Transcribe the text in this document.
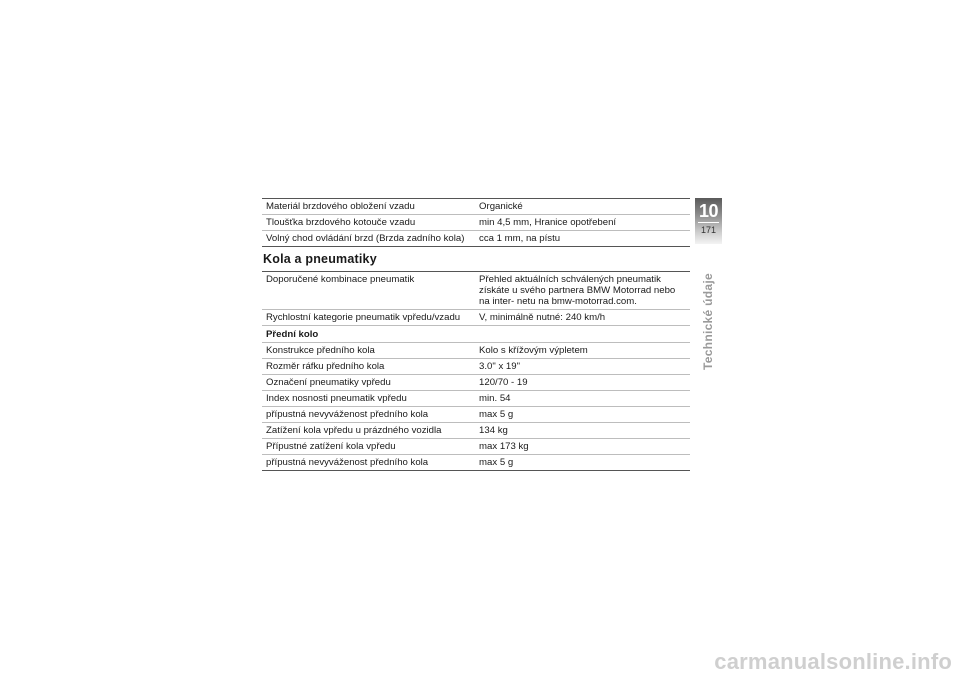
Materiál brzdového obložení vzadu	Organické
Tloušťka brzdového kotouče vzadu	min 4,5 mm, Hranice opotřebení
Volný chod ovládání brzd (Brzda zadního kola)	cca 1 mm, na pístu
Kola a pneumatiky
Doporučené kombinace pneumatik	Přehled aktuálních schválených pneumatik získáte u svého partnera BMW Motorrad nebo na inter- netu na bmw-motorrad.com.
Rychlostní kategorie pneumatik vpředu/vzadu	V, minimálně nutné: 240 km/h
Přední kolo	
Konstrukce předního kola	Kolo s křížovým výpletem
Rozměr ráfku předního kola	3.0" x 19"
Označení pneumatiky vpředu	120/70 - 19
Index nosnosti pneumatik vpředu	min. 54
přípustná nevyváženost předního kola	max 5 g
Zatížení kola vpředu u prázdného vozidla	134 kg
Přípustné zatížení kola vpředu	max 173 kg
přípustná nevyváženost předního kola	max 5 g
10
171
Technické údaje
carmanualsonline.info
